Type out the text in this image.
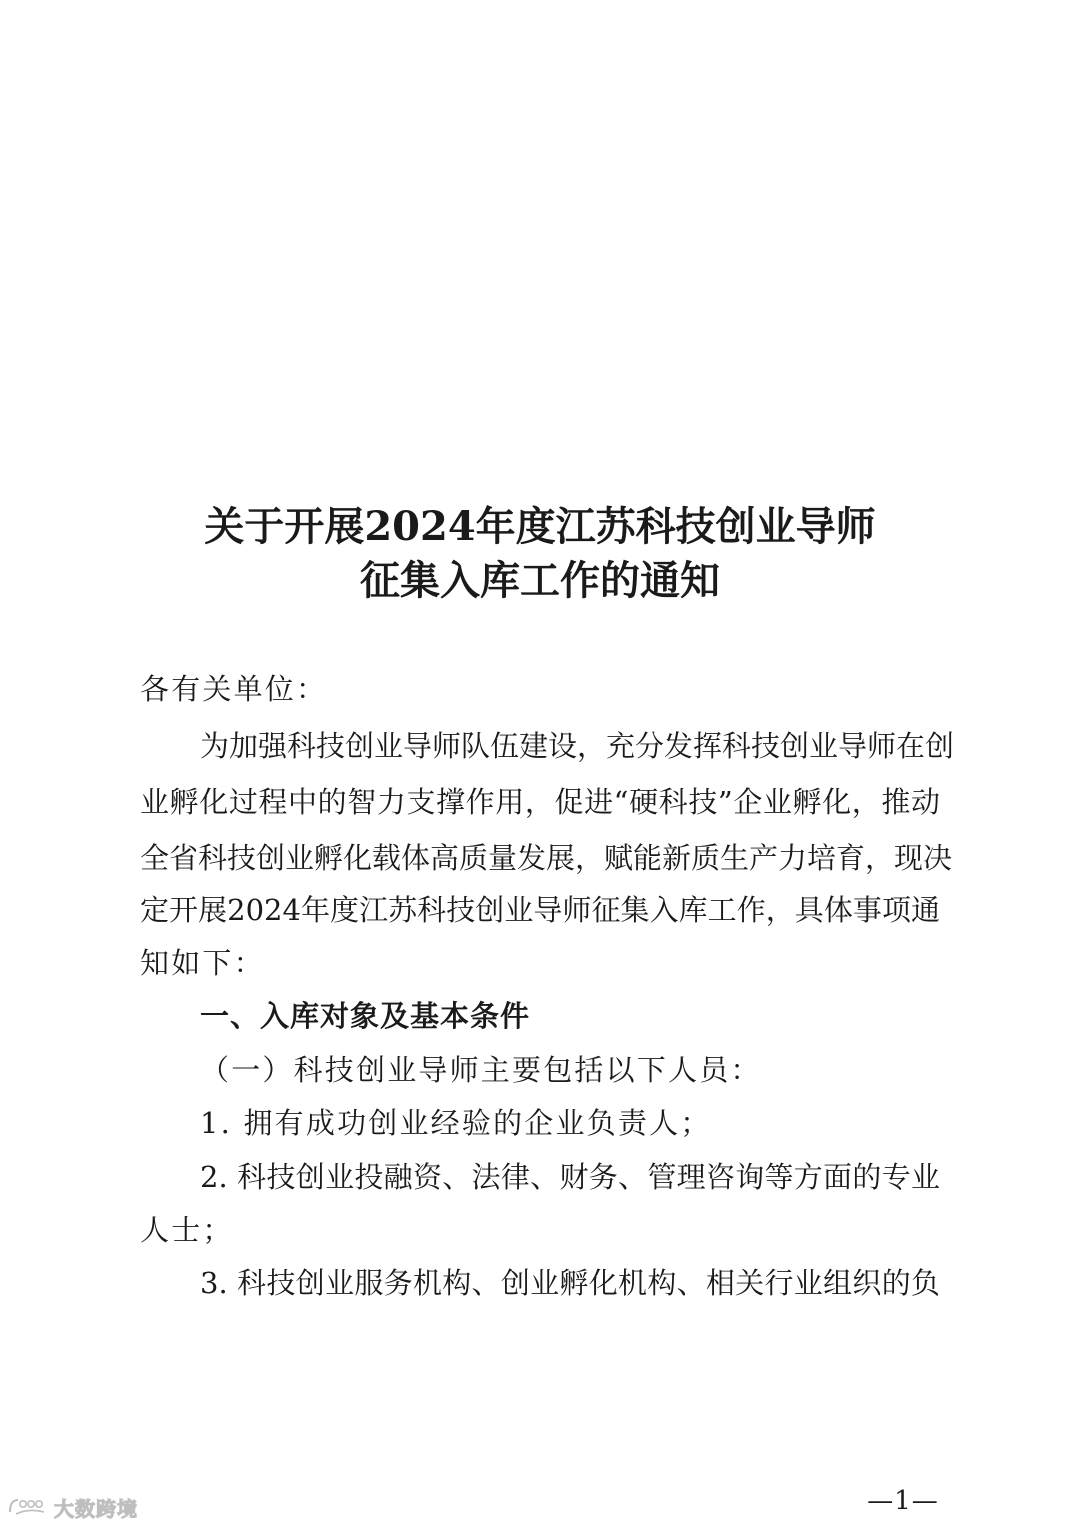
关于开展2024年度江苏科技创业导师
征集入库工作的通知
各有关单位：
为加强科技创业导师队伍建设，充分发挥科技创业导师在创
业孵化过程中的智力支撑作用，促进“硬科技”企业孵化，推动
全省科技创业孵化载体高质量发展，赋能新质生产力培育，现决
定开展2024年度江苏科技创业导师征集入库工作，具体事项通
知如下：
一、入库对象及基本条件
（一）科技创业导师主要包括以下人员：
1. 拥有成功创业经验的企业负责人；
2. 科技创业投融资、法律、财务、管理咨询等方面的专业
人士；
3. 科技创业服务机构、创业孵化机构、相关行业组织的负
—1—
大数跨境
